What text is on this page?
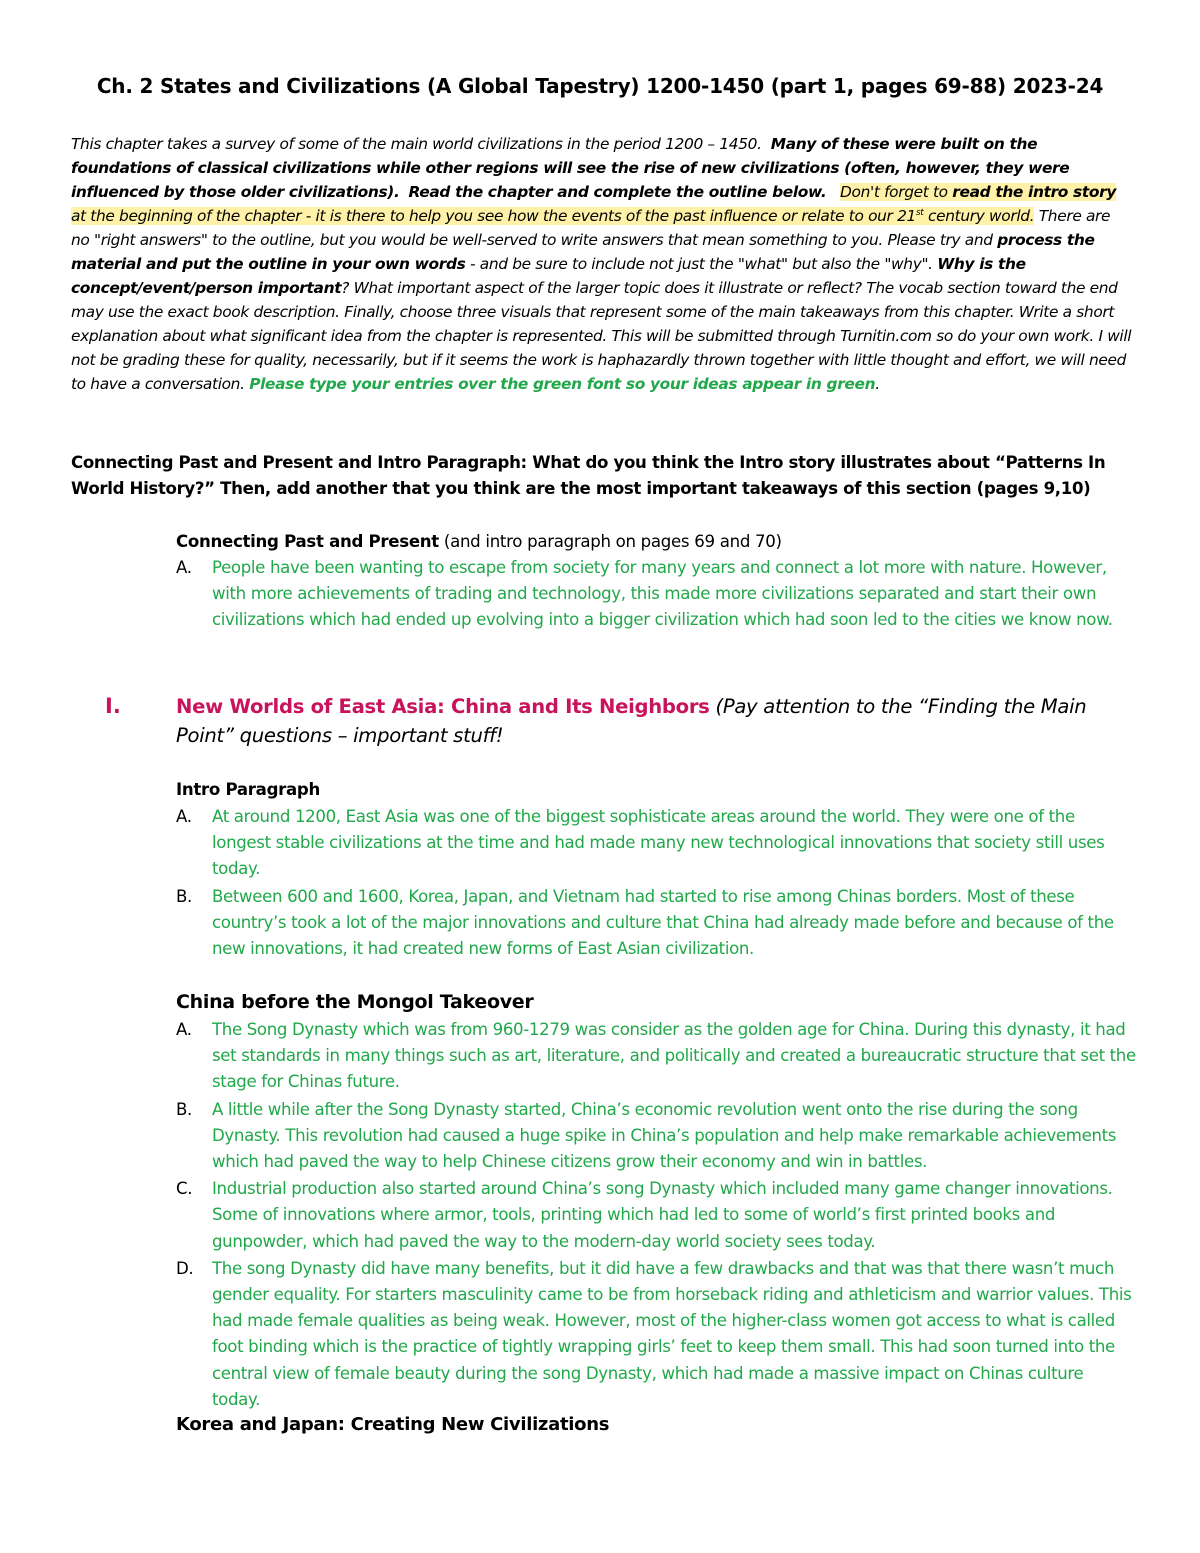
Ch. 2 States and Civilizations (A Global Tapestry) 1200-1450 (part 1, pages 69-88) 2023-24
This chapter takes a survey of some of the main world civilizations in the period 1200 – 1450. Many of these were built on the foundations of classical civilizations while other regions will see the rise of new civilizations (often, however, they were influenced by those older civilizations). Read the chapter and complete the outline below. Don't forget to read the intro story at the beginning of the chapter - it is there to help you see how the events of the past influence or relate to our 21st century world. There are no "right answers" to the outline, but you would be well-served to write answers that mean something to you. Please try and process the material and put the outline in your own words - and be sure to include not just the "what" but also the "why". Why is the concept/event/person important? What important aspect of the larger topic does it illustrate or reflect? The vocab section toward the end may use the exact book description. Finally, choose three visuals that represent some of the main takeaways from this chapter. Write a short explanation about what significant idea from the chapter is represented. This will be submitted through Turnitin.com so do your own work. I will not be grading these for quality, necessarily, but if it seems the work is haphazardly thrown together with little thought and effort, we will need to have a conversation. Please type your entries over the green font so your ideas appear in green.
Connecting Past and Present and Intro Paragraph: What do you think the Intro story illustrates about “Patterns In World History?” Then, add another that you think are the most important takeaways of this section (pages 9,10)
Connecting Past and Present (and intro paragraph on pages 69 and 70)
A. People have been wanting to escape from society for many years and connect a lot more with nature. However, with more achievements of trading and technology, this made more civilizations separated and start their own civilizations which had ended up evolving into a bigger civilization which had soon led to the cities we know now.
I.	New Worlds of East Asia: China and Its Neighbors (Pay attention to the “Finding the Main Point” questions – important stuff!
Intro Paragraph
A. At around 1200, East Asia was one of the biggest sophisticate areas around the world. They were one of the longest stable civilizations at the time and had made many new technological innovations that society still uses today.
B. Between 600 and 1600, Korea, Japan, and Vietnam had started to rise among Chinas borders. Most of these country’s took a lot of the major innovations and culture that China had already made before and because of the new innovations, it had created new forms of East Asian civilization.
China before the Mongol Takeover
A. The Song Dynasty which was from 960-1279 was consider as the golden age for China. During this dynasty, it had set standards in many things such as art, literature, and politically and created a bureaucratic structure that set the stage for Chinas future.
B. A little while after the Song Dynasty started, China’s economic revolution went onto the rise during the song Dynasty. This revolution had caused a huge spike in China’s population and help make remarkable achievements which had paved the way to help Chinese citizens grow their economy and win in battles.
C. Industrial production also started around China’s song Dynasty which included many game changer innovations. Some of innovations where armor, tools, printing which had led to some of world’s first printed books and gunpowder, which had paved the way to the modern-day world society sees today.
D. The song Dynasty did have many benefits, but it did have a few drawbacks and that was that there wasn’t much gender equality. For starters masculinity came to be from horseback riding and athleticism and warrior values. This had made female qualities as being weak. However, most of the higher-class women got access to what is called foot binding which is the practice of tightly wrapping girls’ feet to keep them small. This had soon turned into the central view of female beauty during the song Dynasty, which had made a massive impact on Chinas culture today.
Korea and Japan: Creating New Civilizations
